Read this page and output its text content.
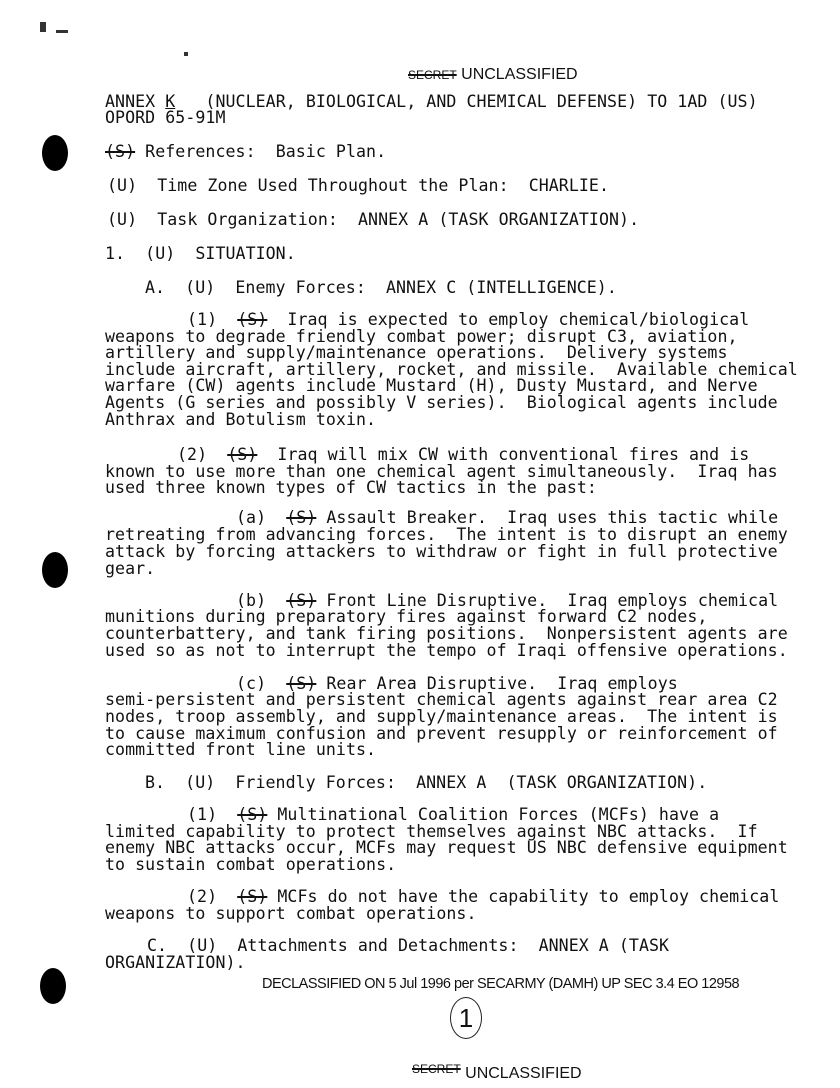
SECRET UNCLASSIFIED
ANNEX K   (NUCLEAR, BIOLOGICAL, AND CHEMICAL DEFENSE) TO 1AD (US)
OPORD 65-91M
(S) References:  Basic Plan.
(U)  Time Zone Used Throughout the Plan:  CHARLIE.
(U)  Task Organization:  ANNEX A (TASK ORGANIZATION).
1.  (U)  SITUATION.
A.  (U)  Enemy Forces:  ANNEX C (INTELLIGENCE).
(1)  (S)  Iraq is expected to employ chemical/biological
weapons to degrade friendly combat power; disrupt C3, aviation,
artillery and supply/maintenance operations.  Delivery systems
include aircraft, artillery, rocket, and missile.  Available chemical
warfare (CW) agents include Mustard (H), Dusty Mustard, and Nerve
Agents (G series and possibly V series).  Biological agents include
Anthrax and Botulism toxin.
(2)  (S)  Iraq will mix CW with conventional fires and is
known to use more than one chemical agent simultaneously.  Iraq has
used three known types of CW tactics in the past:
(a)  (S) Assault Breaker.  Iraq uses this tactic while
retreating from advancing forces.  The intent is to disrupt an enemy
attack by forcing attackers to withdraw or fight in full protective
gear.
(b)  (S) Front Line Disruptive.  Iraq employs chemical
munitions during preparatory fires against forward C2 nodes,
counterbattery, and tank firing positions.  Nonpersistent agents are
used so as not to interrupt the tempo of Iraqi offensive operations.
(c)  (S) Rear Area Disruptive.  Iraq employs
semi-persistent and persistent chemical agents against rear area C2
nodes, troop assembly, and supply/maintenance areas.  The intent is
to cause maximum confusion and prevent resupply or reinforcement of
committed front line units.
B.  (U)  Friendly Forces:  ANNEX A  (TASK ORGANIZATION).
(1)  (S) Multinational Coalition Forces (MCFs) have a
limited capability to protect themselves against NBC attacks.  If
enemy NBC attacks occur, MCFs may request US NBC defensive equipment
to sustain combat operations.
(2)  (S) MCFs do not have the capability to employ chemical
weapons to support combat operations.
C.  (U)  Attachments and Detachments:  ANNEX A (TASK
ORGANIZATION).
DECLASSIFIED ON 5 Jul 1996 per SECARMY (DAMH) UP SEC 3.4 EO 12958
1
$^{SECRET}$ UNCLASSIFIED
